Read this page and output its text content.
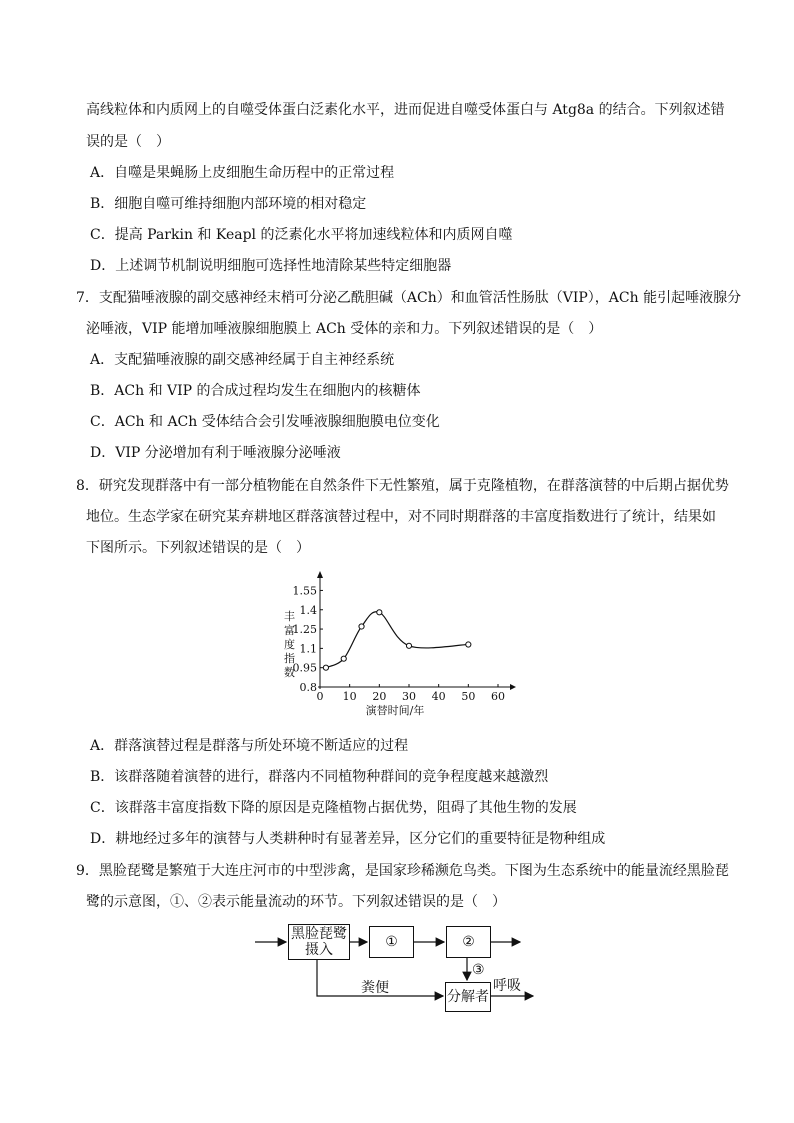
高线粒体和内质网上的自噬受体蛋白泛素化水平，进而促进自噬受体蛋白与 Atg8a 的结合。下列叙述错
误的是（　）
A．自噬是果蝇肠上皮细胞生命历程中的正常过程
B．细胞自噬可维持细胞内部环境的相对稳定
C．提高 Parkin 和 Keapl 的泛素化水平将加速线粒体和内质网自噬
D．上述调节机制说明细胞可选择性地清除某些特定细胞器
7．支配猫唾液腺的副交感神经末梢可分泌乙酰胆碱（ACh）和血管活性肠肽（VIP），ACh 能引起唾液腺分
泌唾液，VIP 能增加唾液腺细胞膜上 ACh 受体的亲和力。下列叙述错误的是（　）
A．支配猫唾液腺的副交感神经属于自主神经系统
B．ACh 和 VIP 的合成过程均发生在细胞内的核糖体
C．ACh 和 ACh 受体结合会引发唾液腺细胞膜电位变化
D．VIP 分泌增加有利于唾液腺分泌唾液
8．研究发现群落中有一部分植物能在自然条件下无性繁殖，属于克隆植物，在群落演替的中后期占据优势
地位。生态学家在研究某弃耕地区群落演替过程中，对不同时期群落的丰富度指数进行了统计，结果如
下图所示。下列叙述错误的是（　）
0 10 20 30 40 50 60
0.8
0.95
1.1
1.25
1.4
1.55
丰富度指数
演替时间/年
A．群落演替过程是群落与所处环境不断适应的过程
B．该群落随着演替的进行，群落内不同植物种群间的竞争程度越来越激烈
C．该群落丰富度指数下降的原因是克隆植物占据优势，阻碍了其他生物的发展
D．耕地经过多年的演替与人类耕种时有显著差异，区分它们的重要特征是物种组成
9．黑脸琵鹭是繁殖于大连庄河市的中型涉禽，是国家珍稀濒危鸟类。下图为生态系统中的能量流经黑脸琵
鹭的示意图，①、②表示能量流动的环节。下列叙述错误的是（　）
黑脸琵鹭
摄入	①	②
分解者
③
粪便	呼吸
